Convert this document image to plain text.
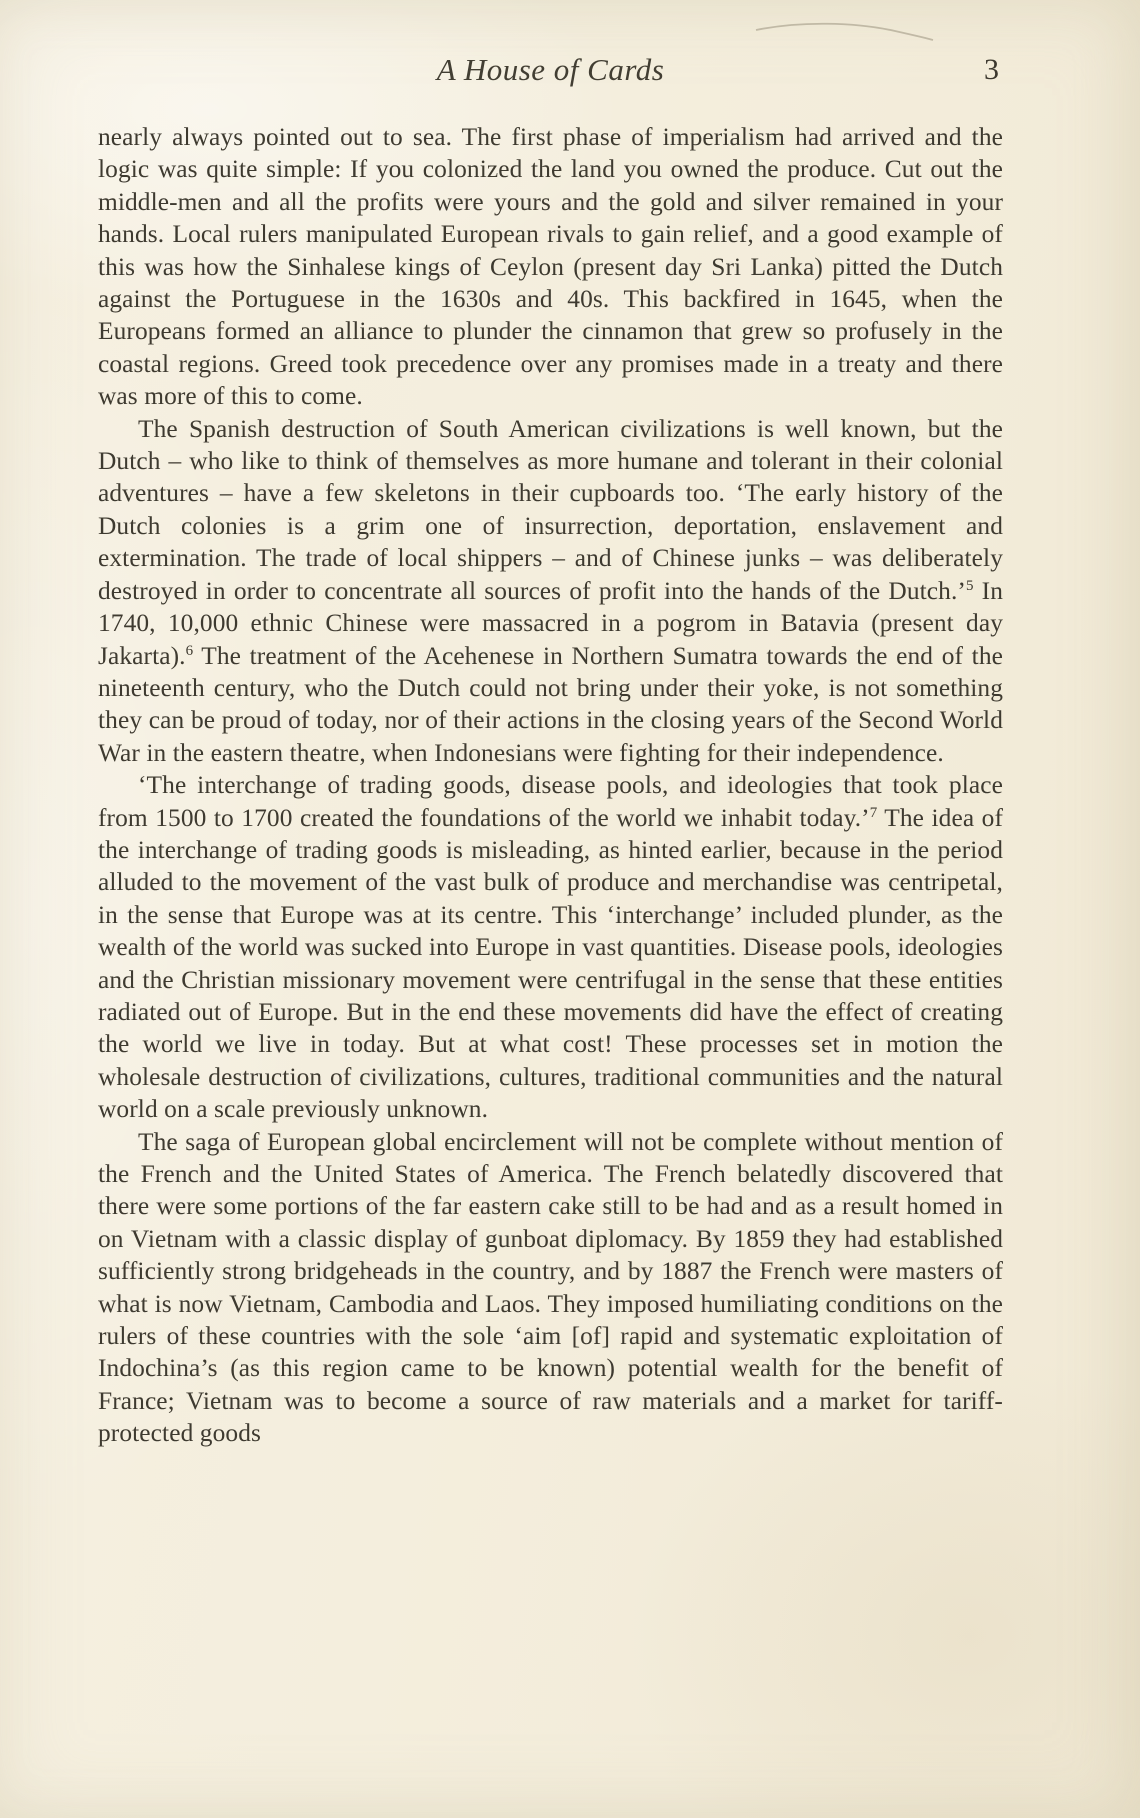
A House of Cards	3

nearly always pointed out to sea. The first phase of imperialism had arrived and the logic was quite simple: If you colonized the land you owned the produce. Cut out the middle-men and all the profits were yours and the gold and silver remained in your hands. Local rulers manipulated European rivals to gain relief, and a good example of this was how the Sinhalese kings of Ceylon (present day Sri Lanka) pitted the Dutch against the Portuguese in the 1630s and 40s. This backfired in 1645, when the Europeans formed an alliance to plunder the cinnamon that grew so profusely in the coastal regions. Greed took precedence over any promises made in a treaty and there was more of this to come.

The Spanish destruction of South American civilizations is well known, but the Dutch – who like to think of themselves as more humane and tolerant in their colonial adventures – have a few skeletons in their cupboards too. ‘The early history of the Dutch colonies is a grim one of insurrection, deportation, enslavement and extermination. The trade of local shippers – and of Chinese junks – was deliberately destroyed in order to concentrate all sources of profit into the hands of the Dutch.’$^5$ In 1740, 10,000 ethnic Chinese were massacred in a pogrom in Batavia (present day Jakarta).$^6$ The treatment of the Acehenese in Northern Sumatra towards the end of the nineteenth century, who the Dutch could not bring under their yoke, is not something they can be proud of today, nor of their actions in the closing years of the Second World War in the eastern theatre, when Indonesians were fighting for their independence.

‘The interchange of trading goods, disease pools, and ideologies that took place from 1500 to 1700 created the foundations of the world we inhabit today.’$^7$ The idea of the interchange of trading goods is misleading, as hinted earlier, because in the period alluded to the movement of the vast bulk of produce and merchandise was centripetal, in the sense that Europe was at its centre. This ‘interchange’ included plunder, as the wealth of the world was sucked into Europe in vast quantities. Disease pools, ideologies and the Christian missionary movement were centrifugal in the sense that these entities radiated out of Europe. But in the end these movements did have the effect of creating the world we live in today. But at what cost! These processes set in motion the wholesale destruction of civilizations, cultures, traditional communities and the natural world on a scale previously unknown.

The saga of European global encirclement will not be complete without mention of the French and the United States of America. The French belatedly discovered that there were some portions of the far eastern cake still to be had and as a result homed in on Vietnam with a classic display of gunboat diplomacy. By 1859 they had established sufficiently strong bridgeheads in the country, and by 1887 the French were masters of what is now Vietnam, Cambodia and Laos. They imposed humiliating conditions on the rulers of these countries with the sole ‘aim [of] rapid and systematic exploitation of Indochina’s (as this region came to be known) potential wealth for the benefit of France; Vietnam was to become a source of raw materials and a market for tariff-protected goods
